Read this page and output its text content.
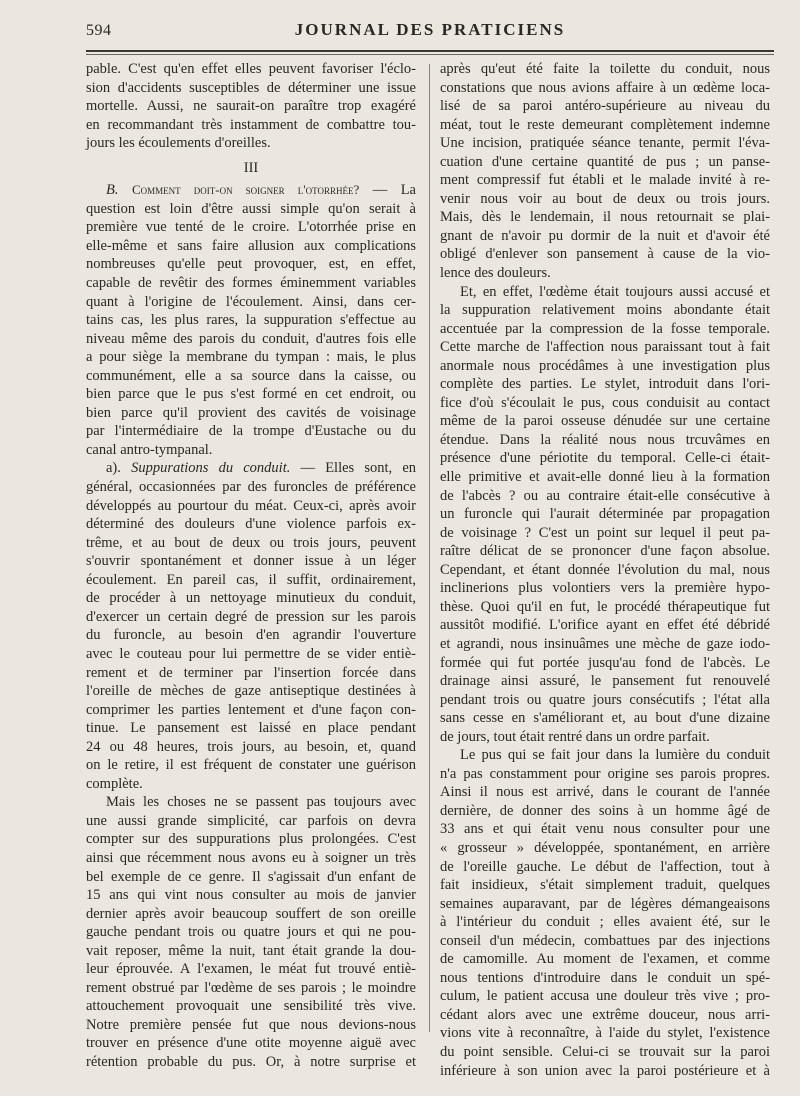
594	JOURNAL DES PRATICIENS

pable. C'est qu'en effet elles peuvent favoriser l'éclo-

sion d'accidents susceptibles de déterminer une issue

mortelle. Aussi, ne saurait-on paraître trop exagéré

en recommandant très instamment de combattre tou-

jours les écoulements d'oreilles.

III

B. Comment doit-on soigner l'otorrhée? — La

question est loin d'être aussi simple qu'on serait à

première vue tenté de le croire. L'otorrhée prise en

elle-même et sans faire allusion aux complications

nombreuses qu'elle peut provoquer, est, en effet,

capable de revêtir des formes éminemment variables

quant à l'origine de l'écoulement. Ainsi, dans cer-

tains cas, les plus rares, la suppuration s'effectue au

niveau même des parois du conduit, d'autres fois elle

a pour siège la membrane du tympan : mais, le plus

communément, elle a sa source dans la caisse, ou

bien parce que le pus s'est formé en cet endroit, ou

bien parce qu'il provient des cavités de voisinage

par l'intermédiaire de la trompe d'Eustache ou du

canal antro-tympanal.

a). Suppurations du conduit. — Elles sont, en

général, occasionnées par des furoncles de préférence

développés au pourtour du méat. Ceux-ci, après avoir

déterminé des douleurs d'une violence parfois ex-

trême, et au bout de deux ou trois jours, peuvent

s'ouvrir spontanément et donner issue à un léger

écoulement. En pareil cas, il suffit, ordinairement,

de procéder à un nettoyage minutieux du conduit,

d'exercer un certain degré de pression sur les parois

du furoncle, au besoin d'en agrandir l'ouverture

avec le couteau pour lui permettre de se vider entiè-

rement et de terminer par l'insertion forcée dans

l'oreille de mèches de gaze antiseptique destinées à

comprimer les parties lentement et d'une façon con-

tinue. Le pansement est laissé en place pendant

24 ou 48 heures, trois jours, au besoin, et, quand

on le retire, il est fréquent de constater une guérison

complète.

Mais les choses ne se passent pas toujours avec

une aussi grande simplicité, car parfois on devra

compter sur des suppurations plus prolongées. C'est

ainsi que récemment nous avons eu à soigner un très

bel exemple de ce genre. Il s'agissait d'un enfant de

15 ans qui vint nous consulter au mois de janvier

dernier après avoir beaucoup souffert de son oreille

gauche pendant trois ou quatre jours et qui ne pou-

vait reposer, même la nuit, tant était grande la dou-

leur éprouvée. A l'examen, le méat fut trouvé entiè-

rement obstrué par l'œdème de ses parois ; le moindre

attouchement provoquait une sensibilité très vive.

Notre première pensée fut que nous devions-nous

trouver en présence d'une otite moyenne aiguë avec

rétention probable du pus. Or, à notre surprise et

après qu'eut été faite la toilette du conduit, nous

constations que nous avions affaire à un œdème loca-

lisé de sa paroi antéro-supérieure au niveau du

méat, tout le reste demeurant complètement indemne

Une incision, pratiquée séance tenante, permit l'éva-

cuation d'une certaine quantité de pus ; un panse-

ment compressif fut établi et le malade invité à re-

venir nous voir au bout de deux ou trois jours.

Mais, dès le lendemain, il nous retournait se plai-

gnant de n'avoir pu dormir de la nuit et d'avoir été

obligé d'enlever son pansement à cause de la vio-

lence des douleurs.

Et, en effet, l'œdème était toujours aussi accusé et

la suppuration relativement moins abondante était

accentuée par la compression de la fosse temporale.

Cette marche de l'affection nous paraissant tout à fait

anormale nous procédâmes à une investigation plus

complète des parties. Le stylet, introduit dans l'ori-

fice d'où s'écoulait le pus, cous conduisit au contact

même de la paroi osseuse dénudée sur une certaine

étendue. Dans la réalité nous nous trcuvâmes en

présence d'une périotite du temporal. Celle-ci était-

elle primitive et avait-elle donné lieu à la formation

de l'abcès ? ou au contraire était-elle consécutive à

un furoncle qui l'aurait déterminée par propagation

de voisinage ? C'est un point sur lequel il peut pa-

raître délicat de se prononcer d'une façon absolue.

Cependant, et étant donnée l'évolution du mal, nous

inclinerions plus volontiers vers la première hypo-

thèse. Quoi qu'il en fut, le procédé thérapeutique fut

aussitôt modifié. L'orifice ayant en effet été débridé

et agrandi, nous insinuâmes une mèche de gaze iodo-

formée qui fut portée jusqu'au fond de l'abcès. Le

drainage ainsi assuré, le pansement fut renouvelé

pendant trois ou quatre jours consécutifs ; l'état alla

sans cesse en s'améliorant et, au bout d'une dizaine

de jours, tout était rentré dans un ordre parfait.

Le pus qui se fait jour dans la lumière du conduit

n'a pas constamment pour origine ses parois propres.

Ainsi il nous est arrivé, dans le courant de l'année

dernière, de donner des soins à un homme âgé de

33 ans et qui était venu nous consulter pour une

« grosseur » développée, spontanément, en arrière

de l'oreille gauche. Le début de l'affection, tout à

fait insidieux, s'était simplement traduit, quelques

semaines auparavant, par de légères démangeaisons

à l'intérieur du conduit ; elles avaient été, sur le

conseil d'un médecin, combattues par des injections

de camomille. Au moment de l'examen, et comme

nous tentions d'introduire dans le conduit un spé-

culum, le patient accusa une douleur très vive ; pro-

cédant alors avec une extrême douceur, nous arri-

vions vite à reconnaître, à l'aide du stylet, l'existence

du point sensible. Celui-ci se trouvait sur la paroi

inférieure à son union avec la paroi postérieure et à
